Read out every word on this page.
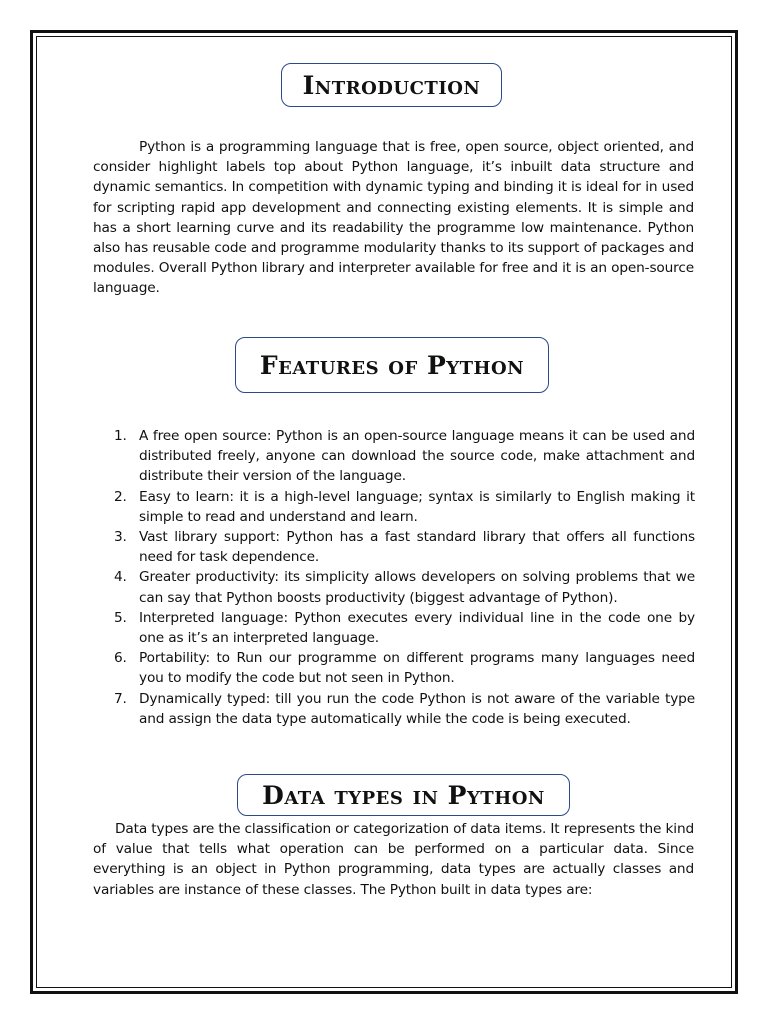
Introduction

Python is a programming language that is free, open source, object oriented, and consider highlight labels top about Python language, it’s inbuilt data structure and dynamic semantics. In competition with dynamic typing and binding it is ideal for in used for scripting rapid app development and connecting existing elements. It is simple and has a short learning curve and its readability the programme low maintenance. Python also has reusable code and programme modularity thanks to its support of packages and modules. Overall Python library and interpreter available for free and it is an open-source language.

Features of Python
1. A free open source: Python is an open-source language means it can be used and distributed freely, anyone can download the source code, make attachment and distribute their version of the language.
2. Easy to learn: it is a high-level language; syntax is similarly to English making it simple to read and understand and learn.
3. Vast library support: Python has a fast standard library that offers all functions need for task dependence.
4. Greater productivity: its simplicity allows developers on solving problems that we can say that Python boosts productivity (biggest advantage of Python).
5. Interpreted language: Python executes every individual line in the code one by one as it’s an interpreted language.
6. Portability: to Run our programme on different programs many languages need you to modify the code but not seen in Python.
7. Dynamically typed: till you run the code Python is not aware of the variable type and assign the data type automatically while the code is being executed.
Data types in Python

Data types are the classification or categorization of data items. It represents the kind of value that tells what operation can be performed on a particular data. Since everything is an object in Python programming, data types are actually classes and variables are instance of these classes. The Python built in data types are:
